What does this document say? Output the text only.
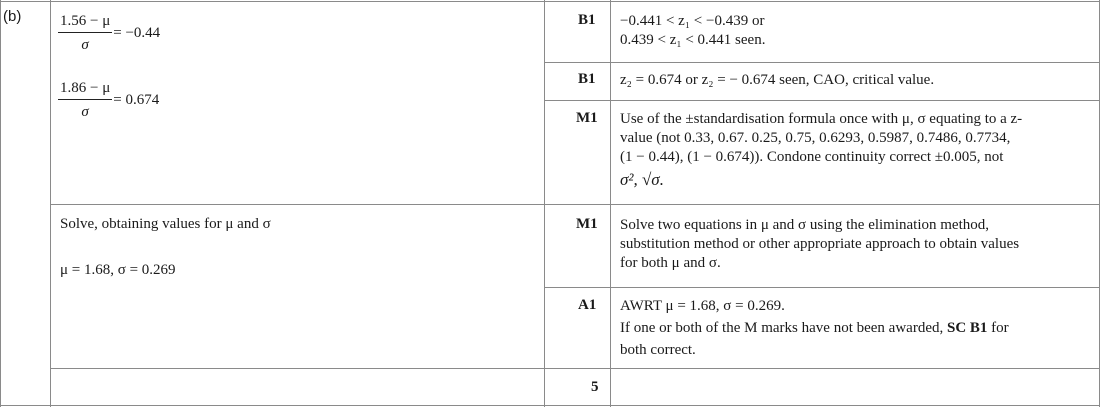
$(b) \frac{1.56 - \mu}{\sigma} = -0.44$
$\frac{1.86 - \mu}{\sigma} = 0.674$
Solve, obtaining values for μ and σ
μ = 1.68, σ = 0.269
B1
B1
M1
M1
A1
5
−0.441 < z₁ < −0.439 or
0.439 < z₁ < 0.441 seen.
z₂ = 0.674 or z₂ = − 0.674 seen, CAO, critical value.
Use of the ±standardisation formula once with μ, σ equating to a z-
value (not 0.33, 0.67. 0.25, 0.75, 0.6293, 0.5987, 0.7486, 0.7734,
(1 − 0.44), (1 − 0.674)). Condone continuity correct ±0.005, not
σ², √σ.
Solve two equations in μ and σ using the elimination method,
substitution method or other appropriate approach to obtain values
for both μ and σ.
AWRT μ = 1.68, σ = 0.269.
If one or both of the M marks have not been awarded, SC B1 for
both correct.
